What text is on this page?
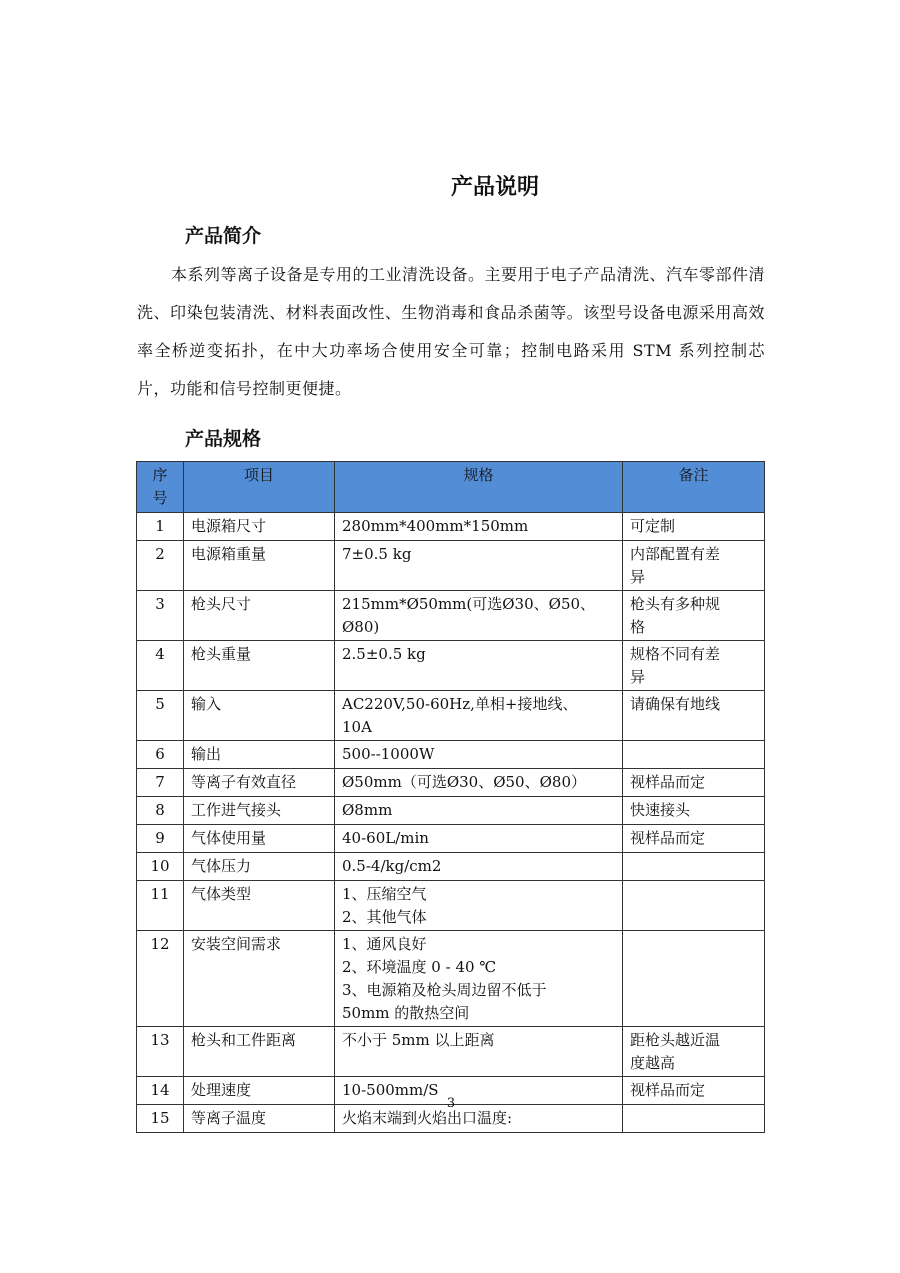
产品说明
产品简介
本系列等离子设备是专用的工业清洗设备。主要用于电子产品清洗、汽车零部件清洗、印染包装清洗、材料表面改性、生物消毒和食品杀菌等。该型号设备电源采用高效率全桥逆变拓扑，在中大功率场合使用安全可靠；控制电路采用 STM 系列控制芯片，功能和信号控制更便捷。
产品规格
序号	项目	规格	备注
1	电源箱尺寸	280mm*400mm*150mm	可定制

2	电源箱重量	7±0.5 kg	内部配置有差
异

3	枪头尺寸	215mm*Ø50mm(可选Ø30、Ø50、Ø80)	枪头有多种规
格

4	枪头重量	2.5±0.5 kg	规格不同有差
异

5	输入	AC220V,50-60Hz,单相+接地线、
10A	请确保有地线

6	输出	500--1000W	

7	等离子有效直径	Ø50mm（可选Ø30、Ø50、Ø80）	视样品而定

8	工作进气接头	Ø8mm	快速接头

9	气体使用量	40-60L/min	视样品而定

10	气体压力	0.5-4/kg/cm2	

11	气体类型	1、压缩空气
2、其他气体	

12	安装空间需求	1、通风良好
2、环境温度 0 - 40 ℃
3、电源箱及枪头周边留不低于
50mm 的散热空间	

13	枪头和工件距离	不小于 5mm 以上距离	距枪头越近温
度越高

14	处理速度	10-500mm/S	视样品而定

15	等离子温度	火焰末端到火焰出口温度:	

3
